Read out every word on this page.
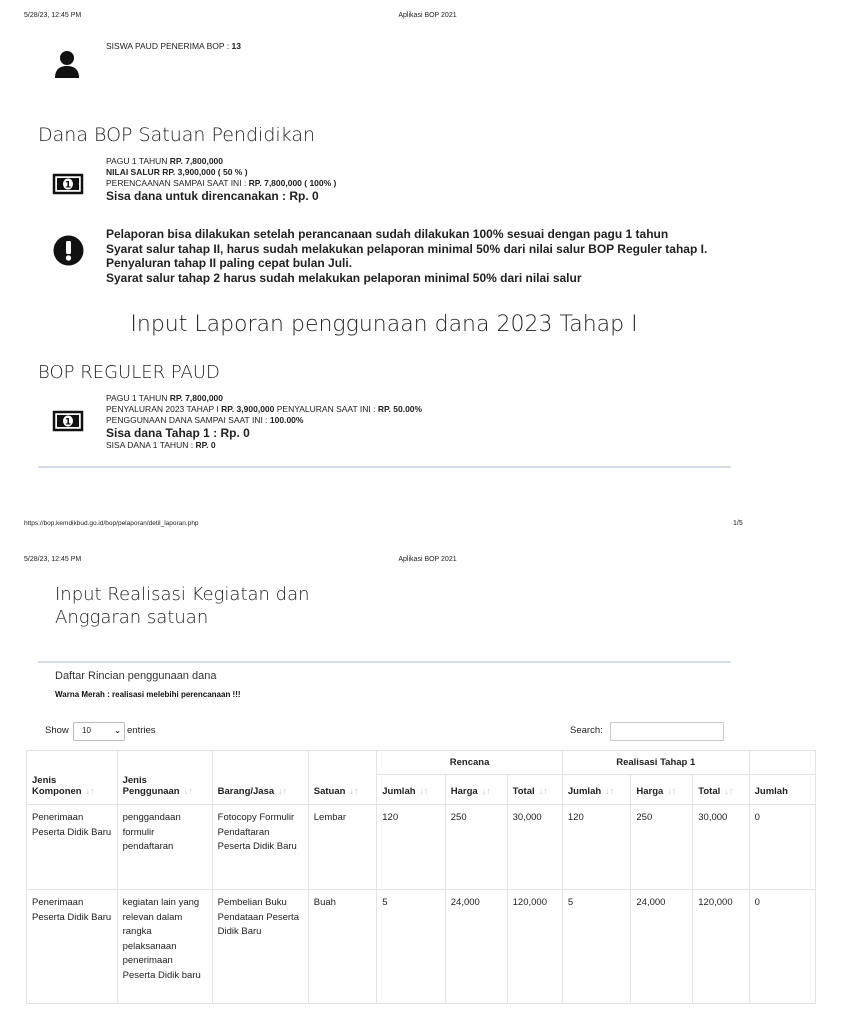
5/28/23, 12:45 PM	Aplikasi BOP 2021
SISWA PAUD PENERIMA BOP : 13
Dana BOP Satuan Pendidikan
1
PAGU 1 TAHUN RP. 7,800,000
NILAI SALUR RP. 3,900,000 ( 50 % )
PERENCAANAN SAMPAI SAAT INI : RP. 7,800,000 ( 100% )
Sisa dana untuk direncanakan : Rp. 0
Pelaporan bisa dilakukan setelah perancanaan sudah dilakukan 100% sesuai dengan pagu 1 tahun
Syarat salur tahap II, harus sudah melakukan pelaporan minimal 50% dari nilai salur BOP Reguler tahap I.
Penyaluran tahap II paling cepat bulan Juli.
Syarat salur tahap 2 harus sudah melakukan pelaporan minimal 50% dari nilai salur
Input Laporan penggunaan dana 2023 Tahap I
BOP REGULER PAUD
1
PAGU 1 TAHUN RP. 7,800,000
PENYALURAN 2023 TAHAP I RP. 3,900,000 PENYALURAN SAAT INI : RP. 50.00%
PENGGUNAAN DANA SAMPAI SAAT INI : 100.00%
Sisa dana Tahap 1 : Rp. 0
SISA DANA 1 TAHUN : RP. 0
https://bop.kemdikbud.go.id/bop/pelaporan/detil_laporan.php	1/5
5/28/23, 12:45 PM	Aplikasi BOP 2021
Input Realisasi Kegiatan dan
Anggaran satuan
Daftar Rincian penggunaan dana
Warna Merah : realisasi melebihi perencanaan !!!
Show	10	⌄ entries	Search:
Jenis Komponen ↓↑	Jenis Penggunaan ↓↑	Barang/Jasa ↓↑	Satuan ↓↑	Rencana			Realisasi Tahap 1			
				Jumlah ↓↑	Harga ↓↑	Total ↓↑	Jumlah ↓↑	Harga ↓↑	Total ↓↑	Jumlah
Penerimaan Peserta Didik Baru	penggandaan formulir pendaftaran	Fotocopy Formulir Pendaftaran Peserta Didik Baru	Lembar	120	250	30,000	120	250	30,000	0
Penerimaan Peserta Didik Baru	kegiatan lain yang relevan dalam rangka pelaksanaan penerimaan Peserta Didik baru	Pembelian Buku Pendataan Peserta Didik Baru	Buah	5	24,000	120,000	5	24,000	120,000	0
